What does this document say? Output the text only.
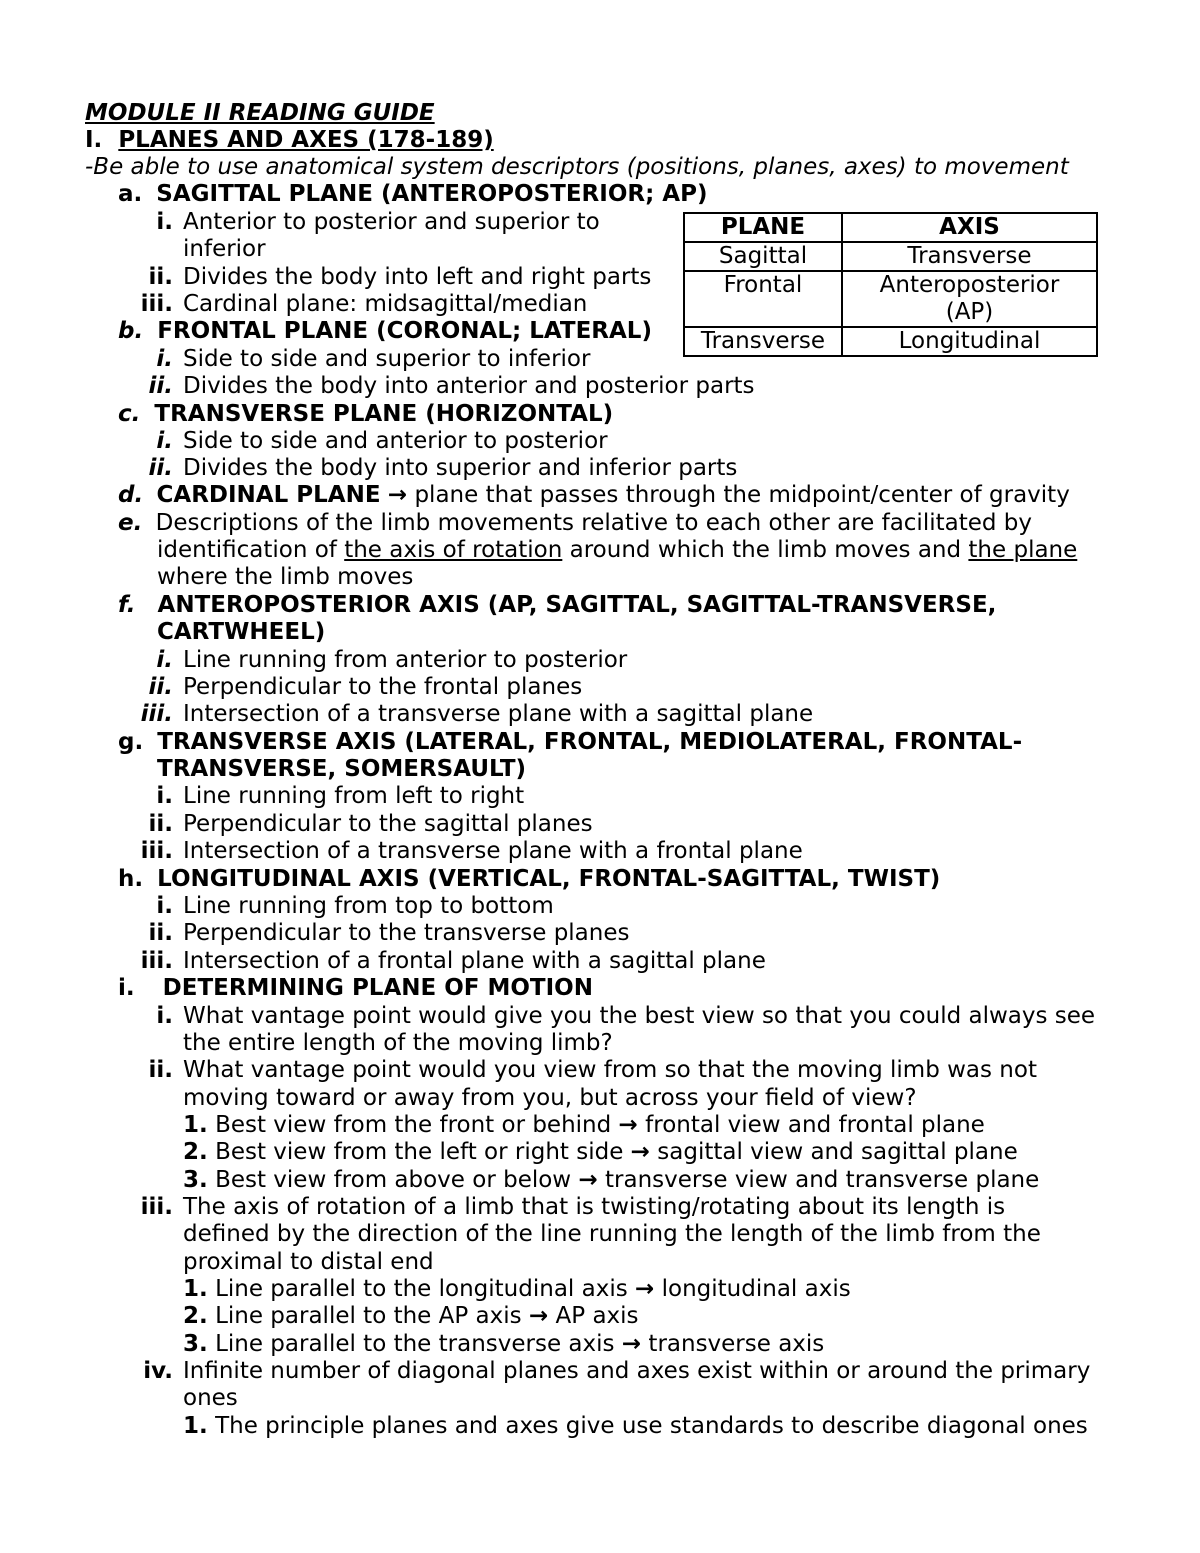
MODULE II READING GUIDE
I. PLANES AND AXES (178-189)
-Be able to use anatomical system descriptors (positions, planes, axes) to movement
a. SAGITTAL PLANE (ANTEROPOSTERIOR; AP)
i. Anterior to posterior and superior to
inferior
ii. Divides the body into left and right parts
iii. Cardinal plane: midsagittal/median
b. FRONTAL PLANE (CORONAL; LATERAL)
i. Side to side and superior to inferior
ii. Divides the body into anterior and posterior parts
c. TRANSVERSE PLANE (HORIZONTAL)
i. Side to side and anterior to posterior
ii. Divides the body into superior and inferior parts
d. CARDINAL PLANE → plane that passes through the midpoint/center of gravity
e. Descriptions of the limb movements relative to each other are facilitated by
identification of the axis of rotation around which the limb moves and the plane
where the limb moves
f. ANTEROPOSTERIOR AXIS (AP, SAGITTAL, SAGITTAL-TRANSVERSE,
CARTWHEEL)
i. Line running from anterior to posterior
ii. Perpendicular to the frontal planes
iii. Intersection of a transverse plane with a sagittal plane
g. TRANSVERSE AXIS (LATERAL, FRONTAL, MEDIOLATERAL, FRONTAL-
TRANSVERSE, SOMERSAULT)
i. Line running from left to right
ii. Perpendicular to the sagittal planes
iii. Intersection of a transverse plane with a frontal plane
h. LONGITUDINAL AXIS (VERTICAL, FRONTAL-SAGITTAL, TWIST)
i. Line running from top to bottom
ii. Perpendicular to the transverse planes
iii. Intersection of a frontal plane with a sagittal plane
i. DETERMINING PLANE OF MOTION
i. What vantage point would give you the best view so that you could always see
the entire length of the moving limb?
ii. What vantage point would you view from so that the moving limb was not
moving toward or away from you, but across your field of view?
1. Best view from the front or behind → frontal view and frontal plane
2. Best view from the left or right side → sagittal view and sagittal plane
3. Best view from above or below → transverse view and transverse plane
iii. The axis of rotation of a limb that is twisting/rotating about its length is
defined by the direction of the line running the length of the limb from the
proximal to distal end
1. Line parallel to the longitudinal axis → longitudinal axis
2. Line parallel to the AP axis → AP axis
3. Line parallel to the transverse axis → transverse axis
iv. Infinite number of diagonal planes and axes exist within or around the primary
ones
1. The principle planes and axes give use standards to describe diagonal ones
PLANE	AXIS
Sagittal	Transverse
Frontal	Anteroposterior (AP)
Transverse	Longitudinal
